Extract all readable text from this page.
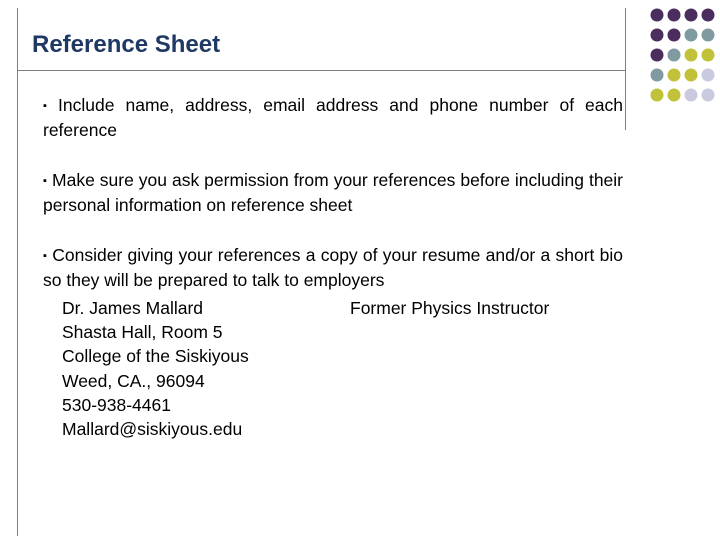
Reference Sheet
▪ Include name, address, email address and phone number of each reference
▪ Make sure you ask permission from your references before including their personal information on reference sheet
▪ Consider giving your references a copy of your resume and/or a short bio so they will be prepared to talk to employers
Dr. James Mallard
Shasta Hall, Room 5
College of the Siskiyous
Weed, CA., 96094
530-938-4461
Mallard@siskiyous.edu
Former Physics Instructor
